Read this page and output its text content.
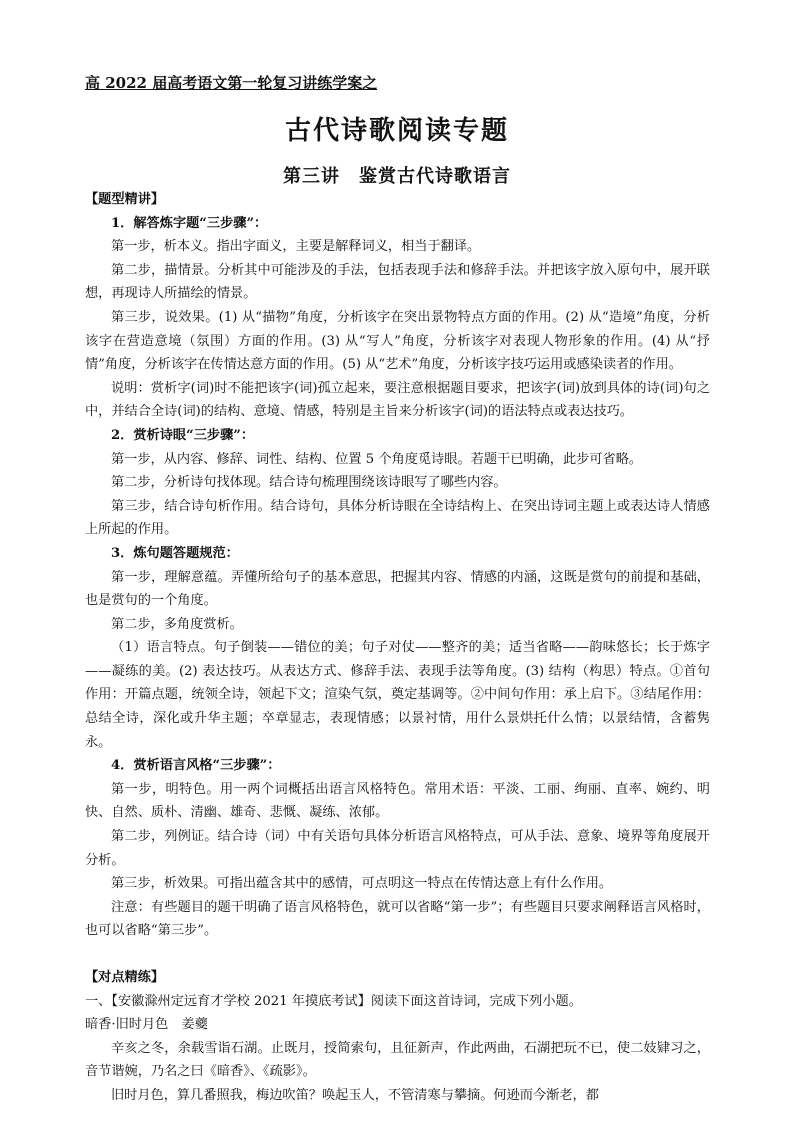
高 2022 届高考语文第一轮复习讲练学案之
古代诗歌阅读专题
第三讲　鉴赏古代诗歌语言

【题型精讲】

1．解答炼字题“三步骤”：

第一步，析本义。指出字面义，主要是解释词义，相当于翻译。

第二步，描情景。分析其中可能涉及的手法，包括表现手法和修辞手法。并把该字放入原句中，展开联想，再现诗人所描绘的情景。

第三步，说效果。(1) 从“描物”角度，分析该字在突出景物特点方面的作用。(2) 从“造境”角度，分析该字在营造意境（氛围）方面的作用。(3) 从“写人”角度，分析该字对表现人物形象的作用。(4) 从“抒情”角度，分析该字在传情达意方面的作用。(5) 从“艺术”角度，分析该字技巧运用或感染读者的作用。

说明：赏析字(词)时不能把该字(词)孤立起来，要注意根据题目要求，把该字(词)放到具体的诗(词)句之中，并结合全诗(词)的结构、意境、情感，特别是主旨来分析该字(词)的语法特点或表达技巧。

2．赏析诗眼“三步骤”：

第一步，从内容、修辞、词性、结构、位置 5 个角度觅诗眼。若题干已明确，此步可省略。

第二步，分析诗句找体现。结合诗句梳理围绕该诗眼写了哪些内容。

第三步，结合诗句析作用。结合诗句，具体分析诗眼在全诗结构上、在突出诗词主题上或表达诗人情感上所起的作用。

3．炼句题答题规范：

第一步，理解意蕴。弄懂所给句子的基本意思，把握其内容、情感的内涵，这既是赏句的前提和基础，也是赏句的一个角度。

第二步，多角度赏析。

（1）语言特点。句子倒装——错位的美；句子对仗——整齐的美；适当省略——韵味悠长；长于炼字——凝练的美。(2) 表达技巧。从表达方式、修辞手法、表现手法等角度。(3) 结构（构思）特点。①首句作用：开篇点题，统领全诗，领起下文；渲染气氛，奠定基调等。②中间句作用：承上启下。③结尾作用：总结全诗，深化或升华主题；卒章显志，表现情感；以景衬情，用什么景烘托什么情；以景结情，含蓄隽永。

4．赏析语言风格“三步骤”：

第一步，明特色。用一两个词概括出语言风格特色。常用术语：平淡、工丽、绚丽、直率、婉约、明快、自然、质朴、清幽、雄奇、悲慨、凝练、浓郁。

第二步，列例证。结合诗（词）中有关语句具体分析语言风格特点，可从手法、意象、境界等角度展开分析。

第三步，析效果。可指出蕴含其中的感情，可点明这一特点在传情达意上有什么作用。

注意：有些题目的题干明确了语言风格特色，就可以省略“第一步”；有些题目只要求阐释语言风格时，也可以省略“第三步”。

【对点精练】

一、【安徽滁州定远育才学校 2021 年摸底考试】阅读下面这首诗词，完成下列小题。

暗香·旧时月色　姜夔

辛亥之冬，余载雪诣石湖。止既月，授简索句，且征新声，作此两曲，石湖把玩不已，使二妓肄习之，音节谐婉，乃名之曰《暗香》、《疏影》。

旧时月色，算几番照我，梅边吹笛？唤起玉人，不管清寒与攀摘。何逊而今渐老，都
